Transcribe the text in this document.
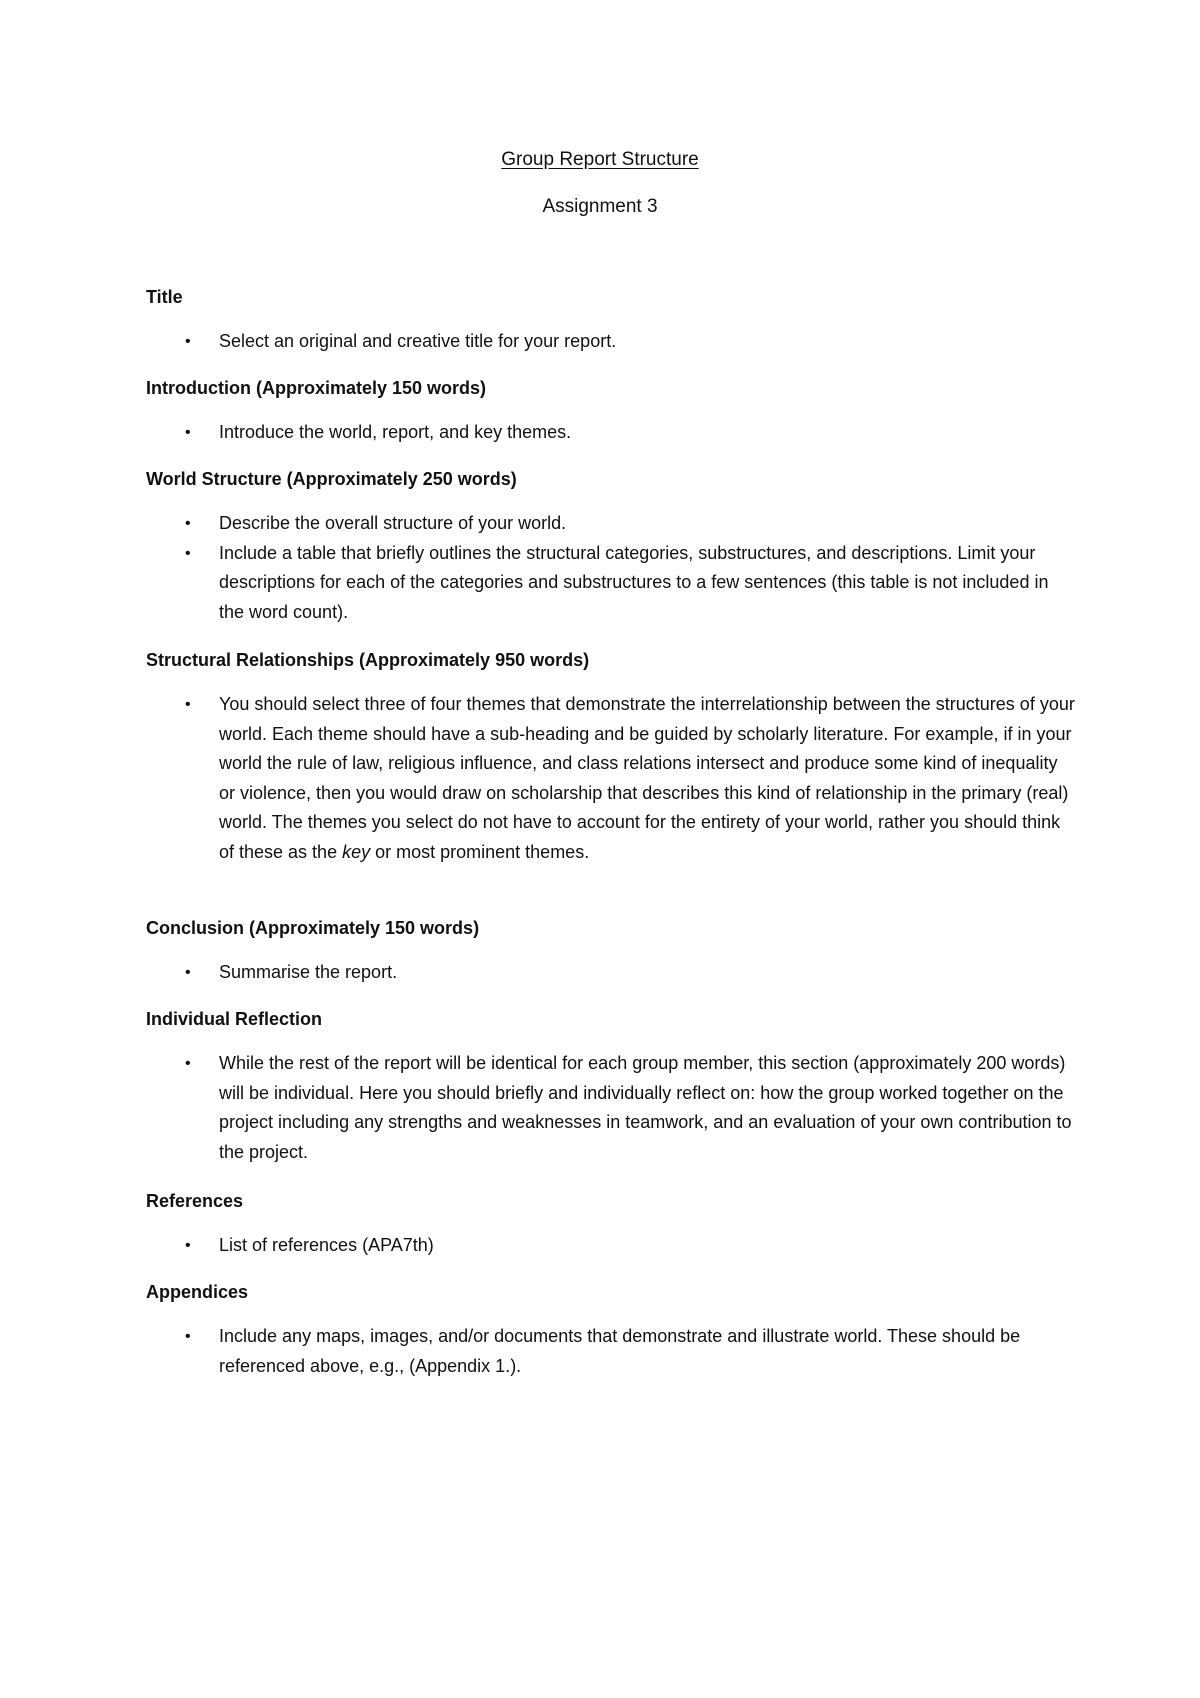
Group Report Structure
Assignment 3
Title
•	Select an original and creative title for your report.
Introduction (Approximately 150 words)
•	Introduce the world, report, and key themes.
World Structure (Approximately 250 words)
•	Describe the overall structure of your world.
•	Include a table that briefly outlines the structural categories, substructures, and descriptions. Limit your descriptions for each of the categories and substructures to a few sentences (this table is not included in the word count).
Structural Relationships (Approximately 950 words)
•	You should select three of four themes that demonstrate the interrelationship between the structures of your world. Each theme should have a sub-heading and be guided by scholarly literature. For example, if in your world the rule of law, religious influence, and class relations intersect and produce some kind of inequality or violence, then you would draw on scholarship that describes this kind of relationship in the primary (real) world. The themes you select do not have to account for the entirety of your world, rather you should think of these as the key or most prominent themes.
Conclusion (Approximately 150 words)
•	Summarise the report.
Individual Reflection
•	While the rest of the report will be identical for each group member, this section (approximately 200 words) will be individual. Here you should briefly and individually reflect on: how the group worked together on the project including any strengths and weaknesses in teamwork, and an evaluation of your own contribution to the project.
References
•	List of references (APA7th)
Appendices
•	Include any maps, images, and/or documents that demonstrate and illustrate world. These should be referenced above, e.g., (Appendix 1.).
